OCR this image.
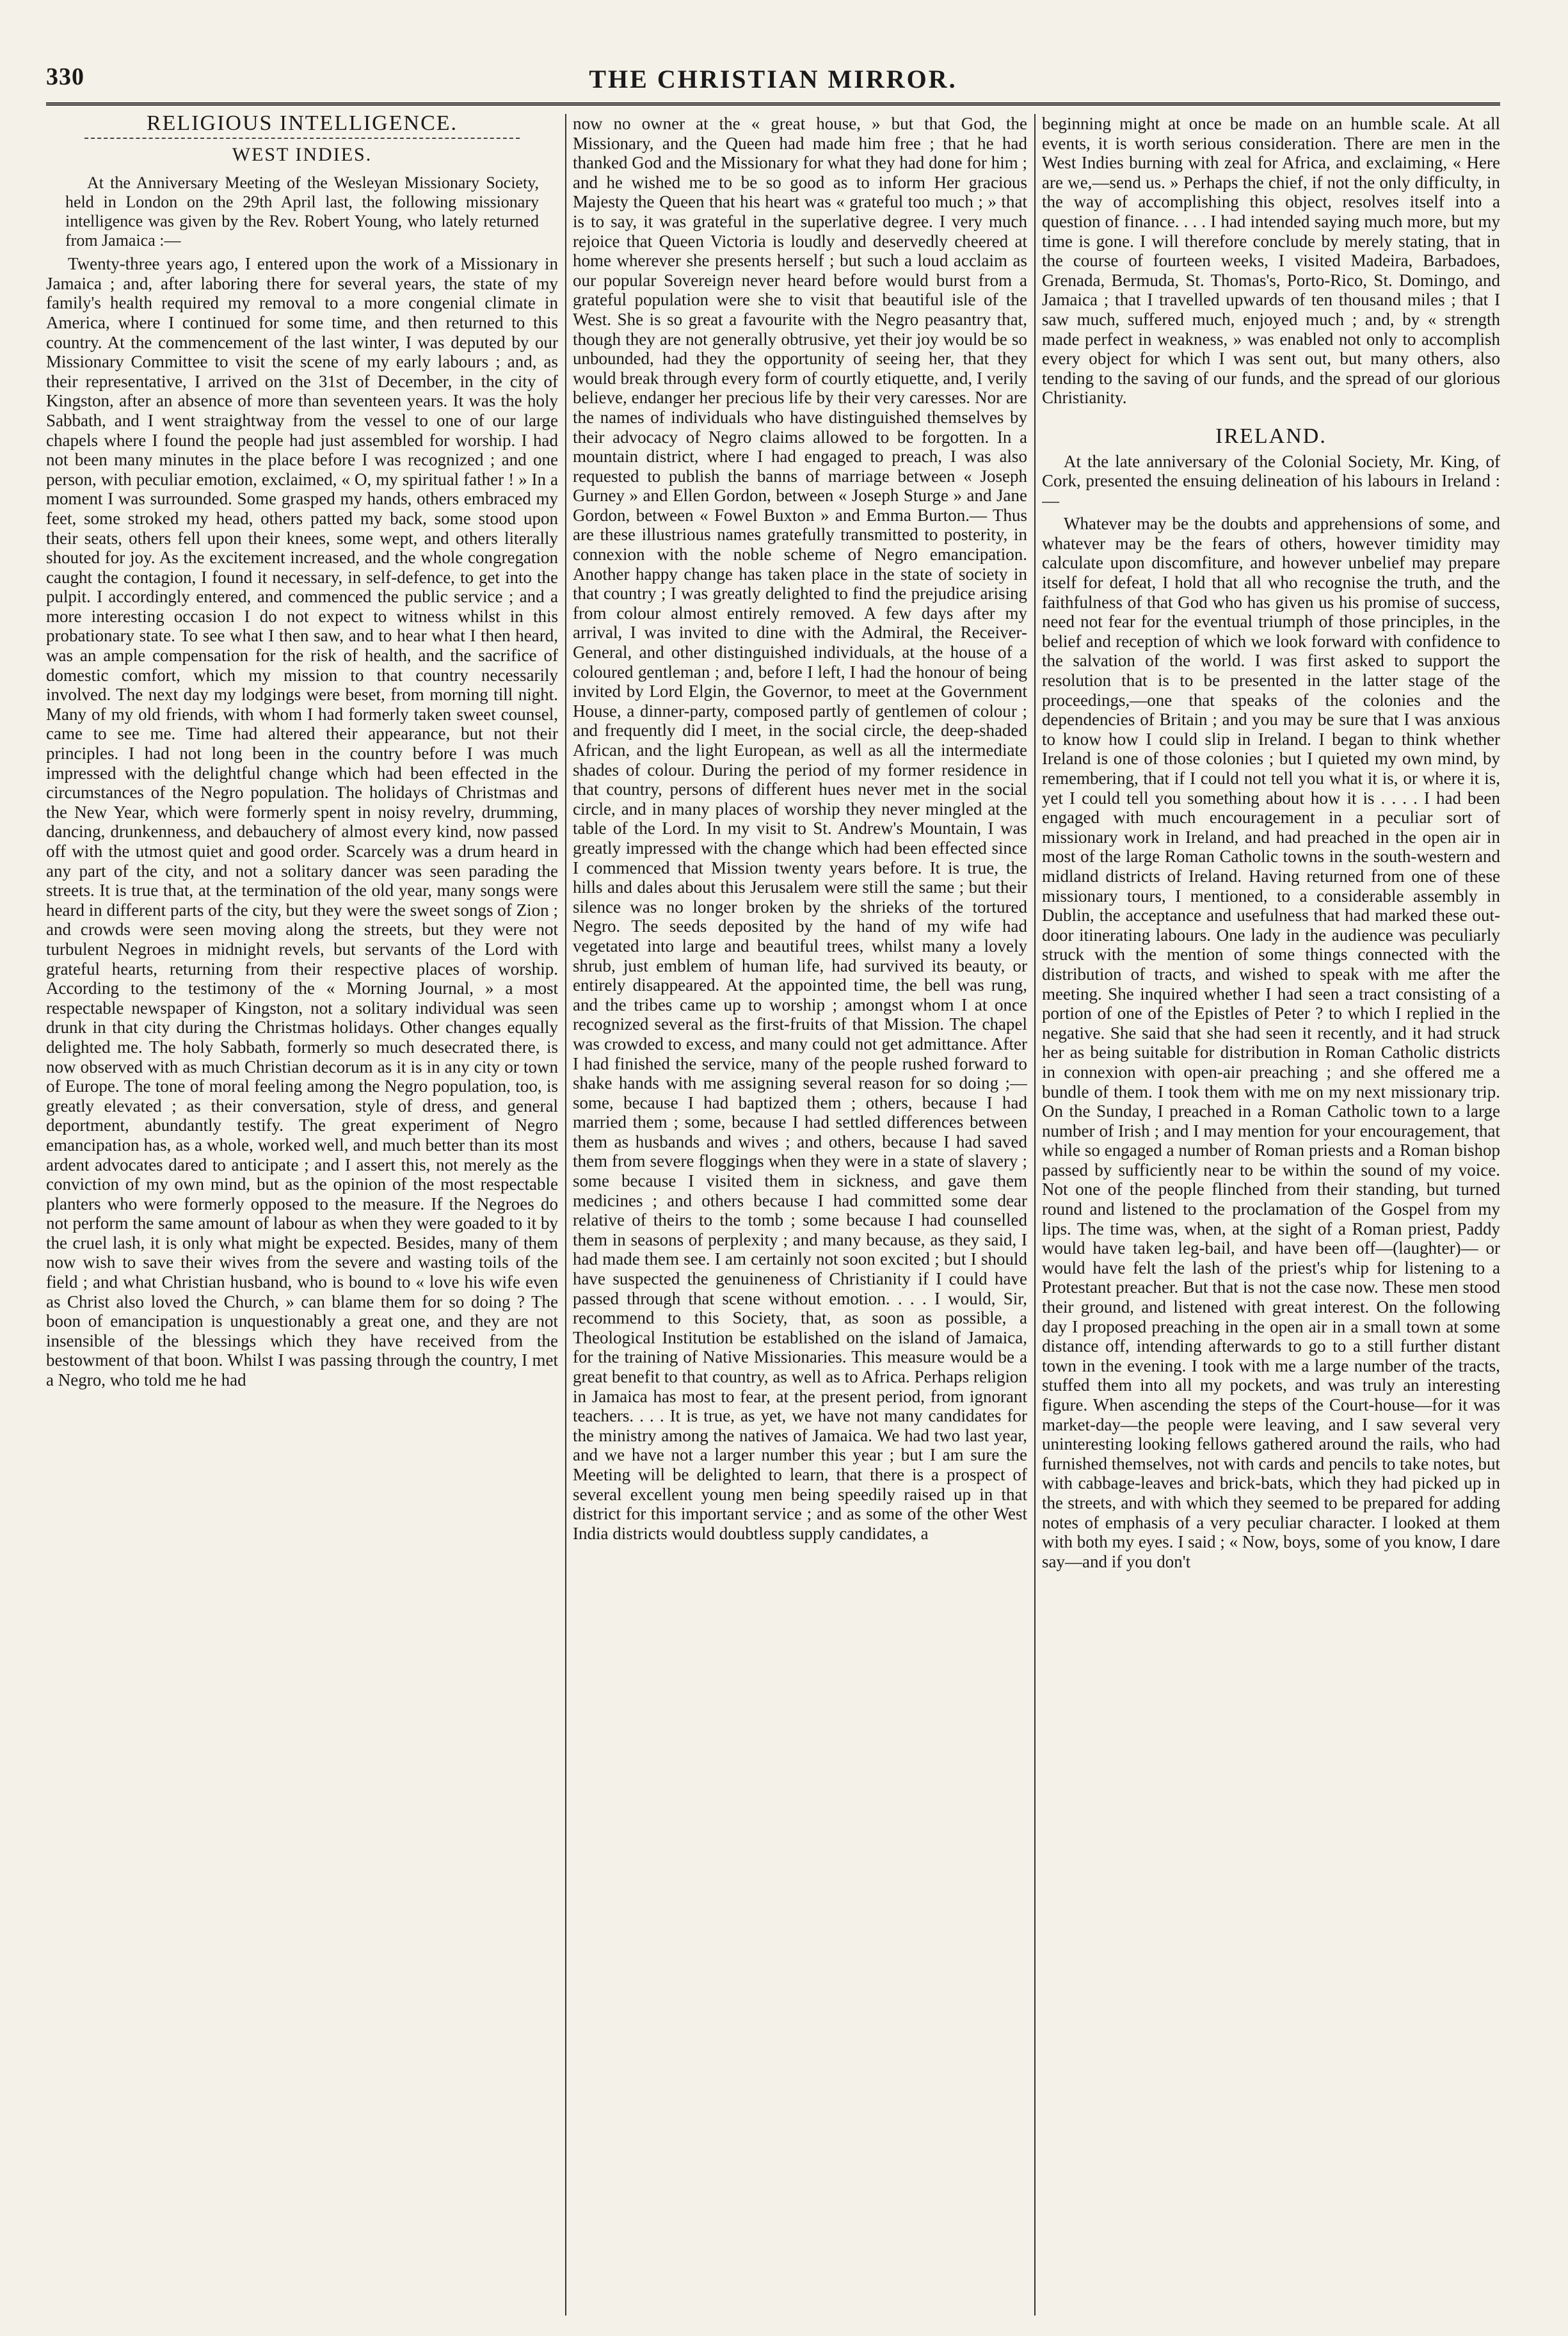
330	THE CHRISTIAN MIRROR.
RELIGIOUS INTELLIGENCE.
WEST INDIES.

At the Anniversary Meeting of the Wesleyan Missionary Society, held in London on the 29th April last, the following missionary intelligence was given by the Rev. Robert Young, who lately returned from Jamaica :—

Twenty-three years ago, I entered upon the work of a Missionary in Jamaica ; and, after laboring there for several years, the state of my family's health required my removal to a more congenial climate in America, where I continued for some time, and then returned to this country. At the commencement of the last winter, I was deputed by our Missionary Committee to visit the scene of my early labours ; and, as their representative, I arrived on the 31st of December, in the city of Kingston, after an absence of more than seventeen years. It was the holy Sabbath, and I went straightway from the vessel to one of our large chapels where I found the people had just assembled for worship. I had not been many minutes in the place before I was recognized ; and one person, with peculiar emotion, exclaimed, « O, my spiritual father ! » In a moment I was surrounded. Some grasped my hands, others embraced my feet, some stroked my head, others patted my back, some stood upon their seats, others fell upon their knees, some wept, and others literally shouted for joy. As the excitement increased, and the whole congregation caught the contagion, I found it necessary, in self-defence, to get into the pulpit. I accordingly entered, and commenced the public service ; and a more interesting occasion I do not expect to witness whilst in this probationary state. To see what I then saw, and to hear what I then heard, was an ample compensation for the risk of health, and the sacrifice of domestic comfort, which my mission to that country necessarily involved. The next day my lodgings were beset, from morning till night. Many of my old friends, with whom I had formerly taken sweet counsel, came to see me. Time had altered their appearance, but not their principles. I had not long been in the country before I was much impressed with the delightful change which had been effected in the circumstances of the Negro population. The holidays of Christmas and the New Year, which were formerly spent in noisy revelry, drumming, dancing, drunkenness, and debauchery of almost every kind, now passed off with the utmost quiet and good order. Scarcely was a drum heard in any part of the city, and not a solitary dancer was seen parading the streets. It is true that, at the termination of the old year, many songs were heard in different parts of the city, but they were the sweet songs of Zion ; and crowds were seen moving along the streets, but they were not turbulent Negroes in midnight revels, but servants of the Lord with grateful hearts, returning from their respective places of worship. According to the testimony of the « Morning Journal, » a most respectable newspaper of Kingston, not a solitary individual was seen drunk in that city during the Christmas holidays. Other changes equally delighted me. The holy Sabbath, formerly so much desecrated there, is now observed with as much Christian decorum as it is in any city or town of Europe. The tone of moral feeling among the Negro population, too, is greatly elevated ; as their conversation, style of dress, and general deportment, abundantly testify. The great experiment of Negro emancipation has, as a whole, worked well, and much better than its most ardent advocates dared to anticipate ; and I assert this, not merely as the conviction of my own mind, but as the opinion of the most respectable planters who were formerly opposed to the measure. If the Negroes do not perform the same amount of labour as when they were goaded to it by the cruel lash, it is only what might be expected. Besides, many of them now wish to save their wives from the severe and wasting toils of the field ; and what Christian husband, who is bound to « love his wife even as Christ also loved the Church, » can blame them for so doing ? The boon of emancipation is unquestionably a great one, and they are not insensible of the blessings which they have received from the bestowment of that boon. Whilst I was passing through the country, I met a Negro, who told me he had

now no owner at the « great house, » but that God, the Missionary, and the Queen had made him free ; that he had thanked God and the Missionary for what they had done for him ; and he wished me to be so good as to inform Her gracious Majesty the Queen that his heart was « grateful too much ; » that is to say, it was grateful in the superlative degree. I very much rejoice that Queen Victoria is loudly and deservedly cheered at home wherever she presents herself ; but such a loud acclaim as our popular Sovereign never heard before would burst from a grateful population were she to visit that beautiful isle of the West. She is so great a favourite with the Negro peasantry that, though they are not generally obtrusive, yet their joy would be so unbounded, had they the opportunity of seeing her, that they would break through every form of courtly etiquette, and, I verily believe, endanger her precious life by their very caresses. Nor are the names of individuals who have distinguished themselves by their advocacy of Negro claims allowed to be forgotten. In a mountain district, where I had engaged to preach, I was also requested to publish the banns of marriage between « Joseph Gurney » and Ellen Gordon, between « Joseph Sturge » and Jane Gordon, between « Fowel Buxton » and Emma Burton.— Thus are these illustrious names gratefully transmitted to posterity, in connexion with the noble scheme of Negro emancipation. Another happy change has taken place in the state of society in that country ; I was greatly delighted to find the prejudice arising from colour almost entirely removed. A few days after my arrival, I was invited to dine with the Admiral, the Receiver-General, and other distinguished individuals, at the house of a coloured gentleman ; and, before I left, I had the honour of being invited by Lord Elgin, the Governor, to meet at the Government House, a dinner-party, composed partly of gentlemen of colour ; and frequently did I meet, in the social circle, the deep-shaded African, and the light European, as well as all the intermediate shades of colour. During the period of my former residence in that country, persons of different hues never met in the social circle, and in many places of worship they never mingled at the table of the Lord. In my visit to St. Andrew's Mountain, I was greatly impressed with the change which had been effected since I commenced that Mission twenty years before. It is true, the hills and dales about this Jerusalem were still the same ; but their silence was no longer broken by the shrieks of the tortured Negro. The seeds deposited by the hand of my wife had vegetated into large and beautiful trees, whilst many a lovely shrub, just emblem of human life, had survived its beauty, or entirely disappeared. At the appointed time, the bell was rung, and the tribes came up to worship ; amongst whom I at once recognized several as the first-fruits of that Mission. The chapel was crowded to excess, and many could not get admittance. After I had finished the service, many of the people rushed forward to shake hands with me assigning several reason for so doing ;—some, because I had baptized them ; others, because I had married them ; some, because I had settled differences between them as husbands and wives ; and others, because I had saved them from severe floggings when they were in a state of slavery ; some because I visited them in sickness, and gave them medicines ; and others because I had committed some dear relative of theirs to the tomb ; some because I had counselled them in seasons of perplexity ; and many because, as they said, I had made them see. I am certainly not soon excited ; but I should have suspected the genuineness of Christianity if I could have passed through that scene without emotion. . . . I would, Sir, recommend to this Society, that, as soon as possible, a Theological Institution be established on the island of Jamaica, for the training of Native Missionaries. This measure would be a great benefit to that country, as well as to Africa. Perhaps religion in Jamaica has most to fear, at the present period, from ignorant teachers. . . . It is true, as yet, we have not many candidates for the ministry among the natives of Jamaica. We had two last year, and we have not a larger number this year ; but I am sure the Meeting will be delighted to learn, that there is a prospect of several excellent young men being speedily raised up in that district for this important service ; and as some of the other West India districts would doubtless supply candidates, a

beginning might at once be made on an humble scale. At all events, it is worth serious consideration. There are men in the West Indies burning with zeal for Africa, and exclaiming, « Here are we,—send us. » Perhaps the chief, if not the only difficulty, in the way of accomplishing this object, resolves itself into a question of finance. . . . I had intended saying much more, but my time is gone. I will therefore conclude by merely stating, that in the course of fourteen weeks, I visited Madeira, Barbadoes, Grenada, Bermuda, St. Thomas's, Porto-Rico, St. Domingo, and Jamaica ; that I travelled upwards of ten thousand miles ; that I saw much, suffered much, enjoyed much ; and, by « strength made perfect in weakness, » was enabled not only to accomplish every object for which I was sent out, but many others, also tending to the saving of our funds, and the spread of our glorious Christianity.

IRELAND.

At the late anniversary of the Colonial Society, Mr. King, of Cork, presented the ensuing delineation of his labours in Ireland :—

Whatever may be the doubts and apprehensions of some, and whatever may be the fears of others, however timidity may calculate upon discomfiture, and however unbelief may prepare itself for defeat, I hold that all who recognise the truth, and the faithfulness of that God who has given us his promise of success, need not fear for the eventual triumph of those principles, in the belief and reception of which we look forward with confidence to the salvation of the world. I was first asked to support the resolution that is to be presented in the latter stage of the proceedings,—one that speaks of the colonies and the dependencies of Britain ; and you may be sure that I was anxious to know how I could slip in Ireland. I began to think whether Ireland is one of those colonies ; but I quieted my own mind, by remembering, that if I could not tell you what it is, or where it is, yet I could tell you something about how it is . . . . I had been engaged with much encouragement in a peculiar sort of missionary work in Ireland, and had preached in the open air in most of the large Roman Catholic towns in the south-western and midland districts of Ireland. Having returned from one of these missionary tours, I mentioned, to a considerable assembly in Dublin, the acceptance and usefulness that had marked these out-door itinerating labours. One lady in the audience was peculiarly struck with the mention of some things connected with the distribution of tracts, and wished to speak with me after the meeting. She inquired whether I had seen a tract consisting of a portion of one of the Epistles of Peter ? to which I replied in the negative. She said that she had seen it recently, and it had struck her as being suitable for distribution in Roman Catholic districts in connexion with open-air preaching ; and she offered me a bundle of them. I took them with me on my next missionary trip. On the Sunday, I preached in a Roman Catholic town to a large number of Irish ; and I may mention for your encouragement, that while so engaged a number of Roman priests and a Roman bishop passed by sufficiently near to be within the sound of my voice. Not one of the people flinched from their standing, but turned round and listened to the proclamation of the Gospel from my lips. The time was, when, at the sight of a Roman priest, Paddy would have taken leg-bail, and have been off—(laughter)— or would have felt the lash of the priest's whip for listening to a Protestant preacher. But that is not the case now. These men stood their ground, and listened with great interest. On the following day I proposed preaching in the open air in a small town at some distance off, intending afterwards to go to a still further distant town in the evening. I took with me a large number of the tracts, stuffed them into all my pockets, and was truly an interesting figure. When ascending the steps of the Court-house—for it was market-day—the people were leaving, and I saw several very uninteresting looking fellows gathered around the rails, who had furnished themselves, not with cards and pencils to take notes, but with cabbage-leaves and brick-bats, which they had picked up in the streets, and with which they seemed to be prepared for adding notes of emphasis of a very peculiar character. I looked at them with both my eyes. I said ; « Now, boys, some of you know, I dare say—and if you don't
